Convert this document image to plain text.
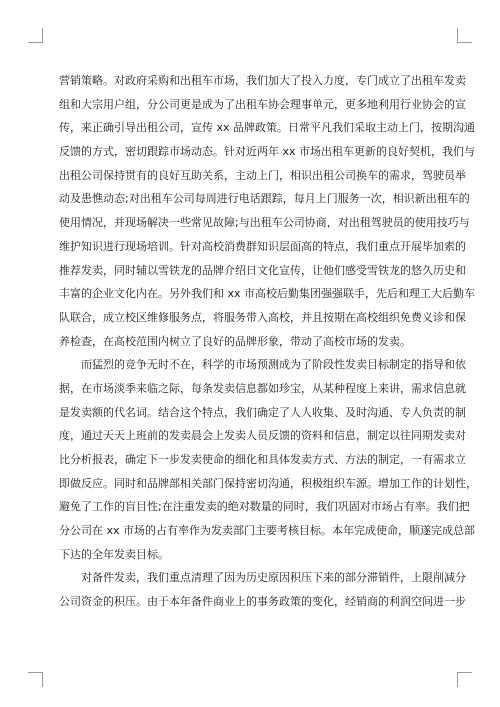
营销策略。对政府采购和出租车市场，我们加大了投入力度，专门成立了出租车发卖
组和大宗用户组，分公司更是成为了出租车协会理事单元，更多地利用行业协会的宣
传，来正确引导出租公司，宣传 xx 品牌政策。日常平凡我们采取主动上门，按期沟通
反馈的方式，密切跟踪市场动态。针对近两年 xx 市场出租车更新的良好契机，我们与
出租公司保持贯有的良好互助关系，主动上门，相识出租公司换车的需求，驾驶员举
动及患憔动态;对出租车公司每周进行电话跟踪，每月上门服务一次，相识新出租车的
使用情况，并现场解决一些常见故障;与出租车公司协商，对出租驾驶员的使用技巧与
维护知识进行现场培训。针对高校消费群知识层面高的特点，我们重点开展毕加索的
推荐发卖，同时辅以雪铁龙的品牌介绍日文化宣传，让他们感受雪铁龙的悠久历史和
丰富的企业文化内在。另外我们和 xx 市高校后勤集团强强联手，先后和理工大后勤车
队联合，成立校区维修服务点，将服务带入高校，并且按期在高校组织免费义诊和保
养检查，在高校范围内树立了良好的品牌形象，带动了高校市场的发卖。
而猛烈的竞争无时不在，科学的市场预测成为了阶段性发卖目标制定的指导和依
据，在市场淡季来临之际，每条发卖信息都如珍宝，从某种程度上来讲，需求信息就
是发卖额的代名词。结合这个特点，我们确定了人人收集、及时沟通、专人负责的制
度，通过天天上班前的发卖晨会上发卖人员反馈的资料和信息，制定以往同期发卖对
比分析报表，确定下一步发卖使命的细化和具体发卖方式、方法的制定，一有需求立
即做反应。同时和品牌部相关部门保持密切沟通，积极组织车源。增加工作的计划性，
避免了工作的盲目性;在注重发卖的绝对数量的同时，我们巩固对市场占有率。我们把
分公司在 xx 市场的占有率作为发卖部门主要考核目标。本年完成使命，顺遂完成总部
下达的全年发卖目标。
对备件发卖，我们重点清理了因为历史原因积压下来的部分滞销件，上限削减分
公司资金的积压。由于本年备件商业上的事务政策的变化，经销商的利润空间进一步
